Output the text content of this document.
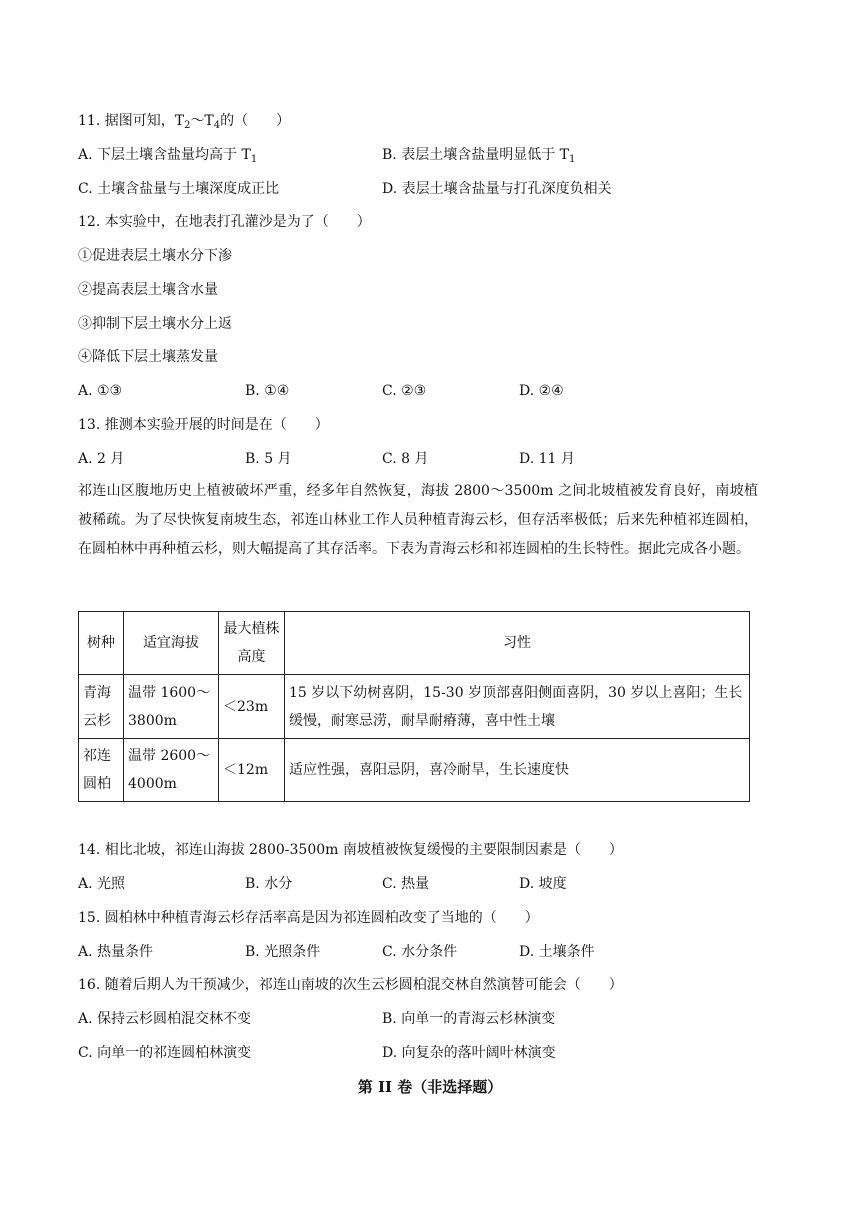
11. 据图可知，$T_2\sim T_4$的（　　）
A. 下层土壤含盐量均高于 $T_1$	B. 表层土壤含盐量明显低于 $T_1$
C. 土壤含盐量与土壤深度成正比	D. 表层土壤含盐量与打孔深度负相关
12. 本实验中，在地表打孔灌沙是为了（　　）
①促进表层土壤水分下渗
②提高表层土壤含水量
③抑制下层土壤水分上返
④降低下层土壤蒸发量
A. ①③	B. ①④	C. ②③	D. ②④
13. 推测本实验开展的时间是在（　　）
A. 2 月	B. 5 月	C. 8 月	D. 11 月
祁连山区腹地历史上植被破坏严重，经多年自然恢复，海拔 2800～3500m 之间北坡植被发育良好，南坡植被稀疏。为了尽快恢复南坡生态，祁连山林业工作人员种植青海云杉，但存活率极低；后来先种植祁连圆柏，在圆柏林中再种植云杉，则大幅提高了其存活率。下表为青海云杉和祁连圆柏的生长特性。据此完成各小题。
树种	适宜海拔	最大植株高度	习性
青海云杉	温带 1600～3800m	＜23m	15 岁以下幼树喜阴，15-30 岁顶部喜阳侧面喜阴，30 岁以上喜阳；生长缓慢，耐寒忌涝，耐旱耐瘠薄，喜中性土壤
祁连圆柏	温带 2600～4000m	＜12m	适应性强，喜阳忌阴，喜冷耐旱，生长速度快
14. 相比北坡，祁连山海拔 2800-3500m 南坡植被恢复缓慢的主要限制因素是（　　）
A. 光照	B. 水分	C. 热量	D. 坡度
15. 圆柏林中种植青海云杉存活率高是因为祁连圆柏改变了当地的（　　）
A. 热量条件	B. 光照条件	C. 水分条件	D. 土壤条件
16. 随着后期人为干预减少，祁连山南坡的次生云杉圆柏混交林自然演替可能会（　　）
A. 保持云杉圆柏混交林不变	B. 向单一的青海云杉林演变
C. 向单一的祁连圆柏林演变	D. 向复杂的落叶阔叶林演变
第 II 卷（非选择题）
